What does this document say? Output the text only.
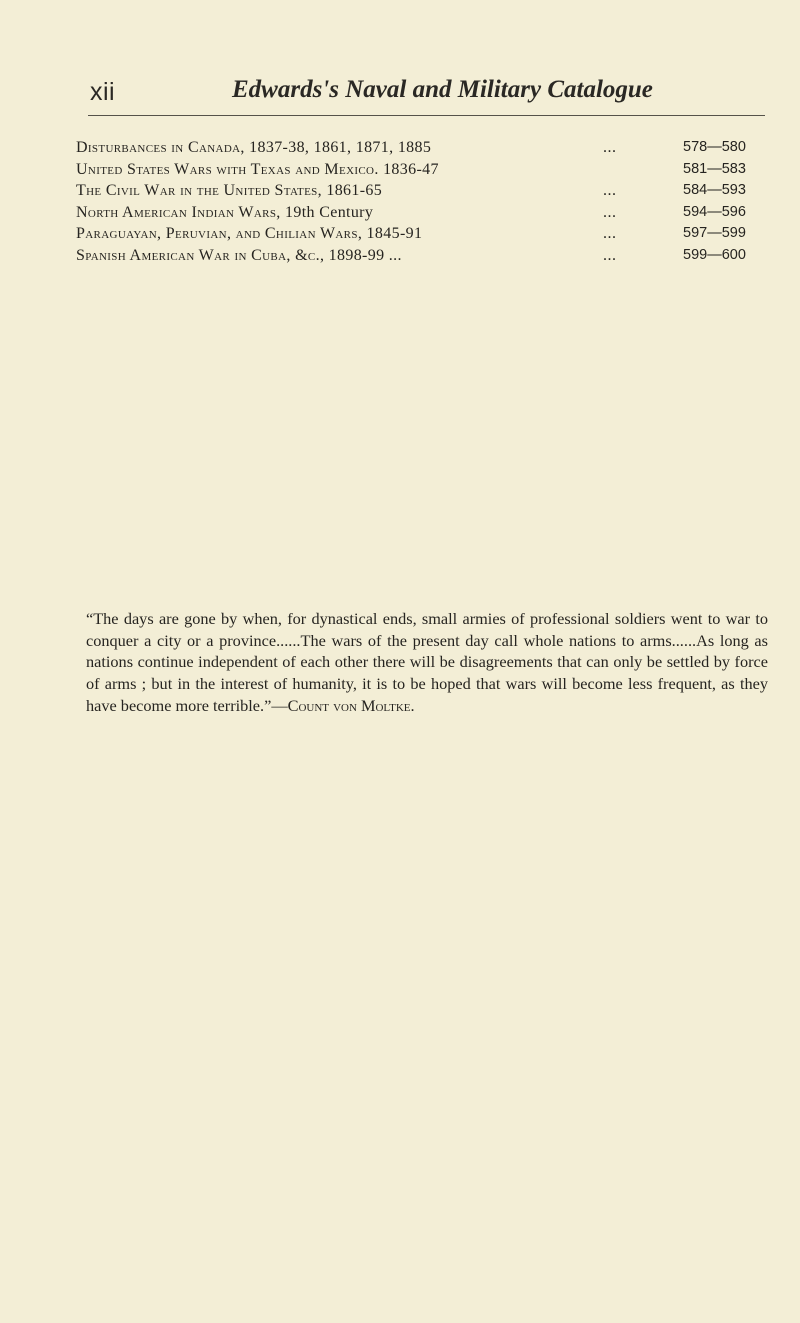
xii	Edwards's Naval and Military Catalogue
Disturbances in Canada, 1837-38, 1861, 1871, 1885	...	578—580
United States Wars with Texas and Mexico. 1836-47	581—583
The Civil War in the United States, 1861-65	...	584—593
North American Indian Wars, 19th Century	...	594—596
Paraguayan, Peruvian, and Chilian Wars, 1845-91	...	597—599
Spanish American War in Cuba, &c., 1898-99 ...	...	599—600

“The days are gone by when, for dynastical ends, small armies of professional soldiers went to war to conquer a city or a province......The wars of the present day call whole nations to arms......As long as nations continue independent of each other there will be disagreements that can only be settled by force of arms ; but in the interest of humanity, it is to be hoped that wars will become less frequent, as they have become more terrible.”—Count von Moltke.
